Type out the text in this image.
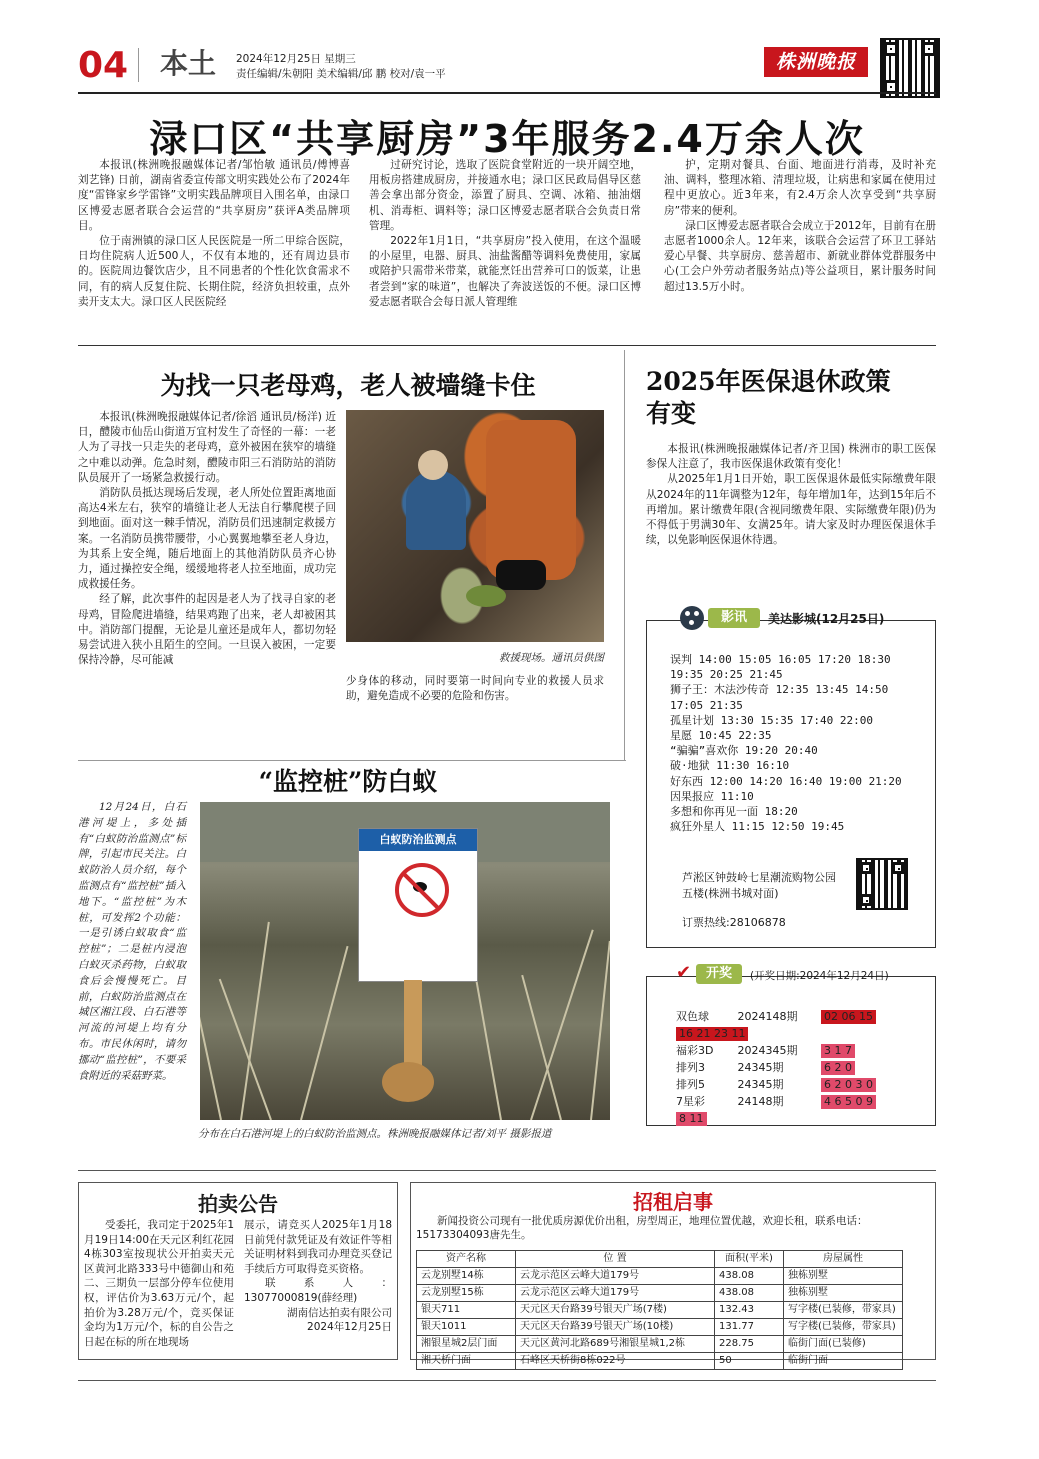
04 本土 2024年12月25日 星期三
责任编辑/朱朝阳 美术编辑/邱 鹏 校对/袁一平
株洲晚报
渌口区“共享厨房”3年服务2.4万余人次

本报讯(株洲晚报融媒体记者/邹怡敏 通讯员/傅博喜 刘艺锋) 日前，湖南省委宣传部文明实践处公布了2024年度“雷锋家乡学雷锋”文明实践品牌项目入围名单，由渌口区博爱志愿者联合会运营的“共享厨房”获评A类品牌项目。

位于南洲镇的渌口区人民医院是一所二甲综合医院，日均住院病人近500人，不仅有本地的，还有周边县市的。医院周边餐饮店少，且不同患者的个性化饮食需求不同，有的病人反复住院、长期住院，经济负担较重，点外卖开支太大。渌口区人民医院经

过研究讨论，选取了医院食堂附近的一块开阔空地，用板房搭建成厨房，并接通水电；渌口区民政局倡导区慈善会拿出部分资金，添置了厨具、空调、冰箱、抽油烟机、消毒柜、调料等；渌口区博爱志愿者联合会负责日常管理。

2022年1月1日，“共享厨房”投入使用，在这个温暖的小屋里，电器、厨具、油盐酱醋等调料免费使用，家属或陪护只需带米带菜，就能烹饪出营养可口的饭菜，让患者尝到“家的味道”，也解决了奔波送饭的不便。渌口区博爱志愿者联合会每日派人管理维

护，定期对餐具、台面、地面进行消毒，及时补充油、调料，整理冰箱、清理垃圾，让病患和家属在使用过程中更放心。近3年来，有2.4万余人次享受到“共享厨房”带来的便利。

渌口区博爱志愿者联合会成立于2012年，目前有在册志愿者1000余人。12年来，该联合会运营了环卫工驿站爱心早餐、共享厨房、慈善超市、新就业群体党群服务中心(工会户外劳动者服务站点)等公益项目，累计服务时间超过13.5万小时。

为找一只老母鸡，老人被墙缝卡住

本报讯(株洲晚报融媒体记者/徐滔 通讯员/杨洋) 近日，醴陵市仙岳山街道万宜村发生了奇怪的一幕：一老人为了寻找一只走失的老母鸡，意外被困在狭窄的墙缝之中难以动弹。危急时刻，醴陵市阳三石消防站的消防队员展开了一场紧急救援行动。

消防队员抵达现场后发现，老人所处位置距离地面高达4米左右，狭窄的墙缝让老人无法自行攀爬楔子回到地面。面对这一棘手情况，消防员们迅速制定救援方案。一名消防员携带腰带，小心翼翼地攀至老人身边，为其系上安全绳，随后地面上的其他消防队员齐心协力，通过操控安全绳，缓缓地将老人拉至地面，成功完成救援任务。

经了解，此次事件的起因是老人为了找寻自家的老母鸡，冒险爬进墙缝，结果鸡跑了出来，老人却被困其中。消防部门提醒，无论是儿童还是成年人，都切勿轻易尝试进入狭小且陌生的空间。一旦误入被困，一定要保持冷静，尽可能减	救援现场。通讯员供图

少身体的移动，同时要第一时间向专业的救援人员求助，避免造成不必要的危险和伤害。

2025年医保退休政策
有变

本报讯(株洲晚报融媒体记者/齐卫国) 株洲市的职工医保参保人注意了，我市医保退休政策有变化！

从2025年1月1日开始，职工医保退休最低实际缴费年限从2024年的11年调整为12年，每年增加1年，达到15年后不再增加。累计缴费年限(含视同缴费年限、实际缴费年限)仍为不得低于男满30年、女满25年。请大家及时办理医保退休手续，以免影响医保退休待遇。

影讯	美达影城(12月25日)
误判 14:00 15:05 16:05 17:20 18:30
19:35 20:25 21:45
狮子王：木法沙传奇 12:35 13:45 14:50
17:05 21:35
孤星计划 13:30 15:35 17:40 22:00
星愿 10:45 22:35
“骗骗”喜欢你 19:20 20:40
破·地狱 11:30 16:10
好东西 12:00 14:20 16:40 19:00 21:20
因果报应 11:10
多想和你再见一面 18:20
疯狂外星人 11:15 12:50 19:45
芦淞区钟鼓岭七星潮流购物公园五楼(株洲书城对面)
订票热线:28106878
✔	开奖	(开奖日期:2024年12月24日)
双色球	2024148期 02 06 15
16 21 23 11
福彩3D 2024345期 3 1 7
排列3	24345期	6 2 0
排列5	24345期	6 2 0 3 0
7星彩	24148期	4 6 5 0 9
8 11
“监控桩”防白蚁

12月24日，白石港河堤上，多处插有“白蚁防治监测点”标牌，引起市民关注。白蚁防治人员介绍，每个监测点有“监控桩”插入地下。“监控桩”为木桩，可发挥2个功能：一是引诱白蚁取食“监控桩”；二是桩内浸泡白蚁灭杀药物，白蚁取食后会慢慢死亡。目前，白蚁防治监测点在城区湘江段、白石港等河流的河堤上均有分布。市民休闲时，请勿挪动“监控桩”，不要采食附近的采菇野菜。

白蚁防治监测点
分布在白石港河堤上的白蚁防治监测点。株洲晚报融媒体记者/刘平 摄影报道
拍卖公告

受委托，我司定于2025年1月19日14:00在天元区利红花园4栋303室按现状公开拍卖天元区黄河北路333号中德御山和苑二、三期负一层部分停车位使用权，评估价为3.63万元/个，起拍价为3.28万元/个，竞买保证金均为1万元/个，标的自公告之日起在标的所在地现场

展示，请竞买人2025年1月18日前凭付款凭证及有效证件等相关证明材料到我司办理竞买登记手续后方可取得竞买资格。

联系人：13077000819(薛经理)

湖南信达拍卖有限公司

2024年12月25日

招租启事
新闻投资公司现有一批优质房源优价出租，房型周正，地理位置优越，欢迎长租，联系电话：15173304093唐先生。
资产名称	位 置	面积(平米)	房屋属性
云龙别墅14栋	云龙示范区云峰大道179号	438.08	独栋别墅
云龙别墅15栋	云龙示范区云峰大道179号	438.08	独栋别墅
银天711	天元区天台路39号银天广场(7楼)	132.43	写字楼(已装修，带家具)
银天1011	天元区天台路39号银天广场(10楼)	131.77	写字楼(已装修，带家具)
湘银星城2层门面	天元区黄河北路689号湘银星城1,2栋	228.75	临街门面(已装修)
湘天桥门面	石峰区天桥街8栋022号	50	临街门面
